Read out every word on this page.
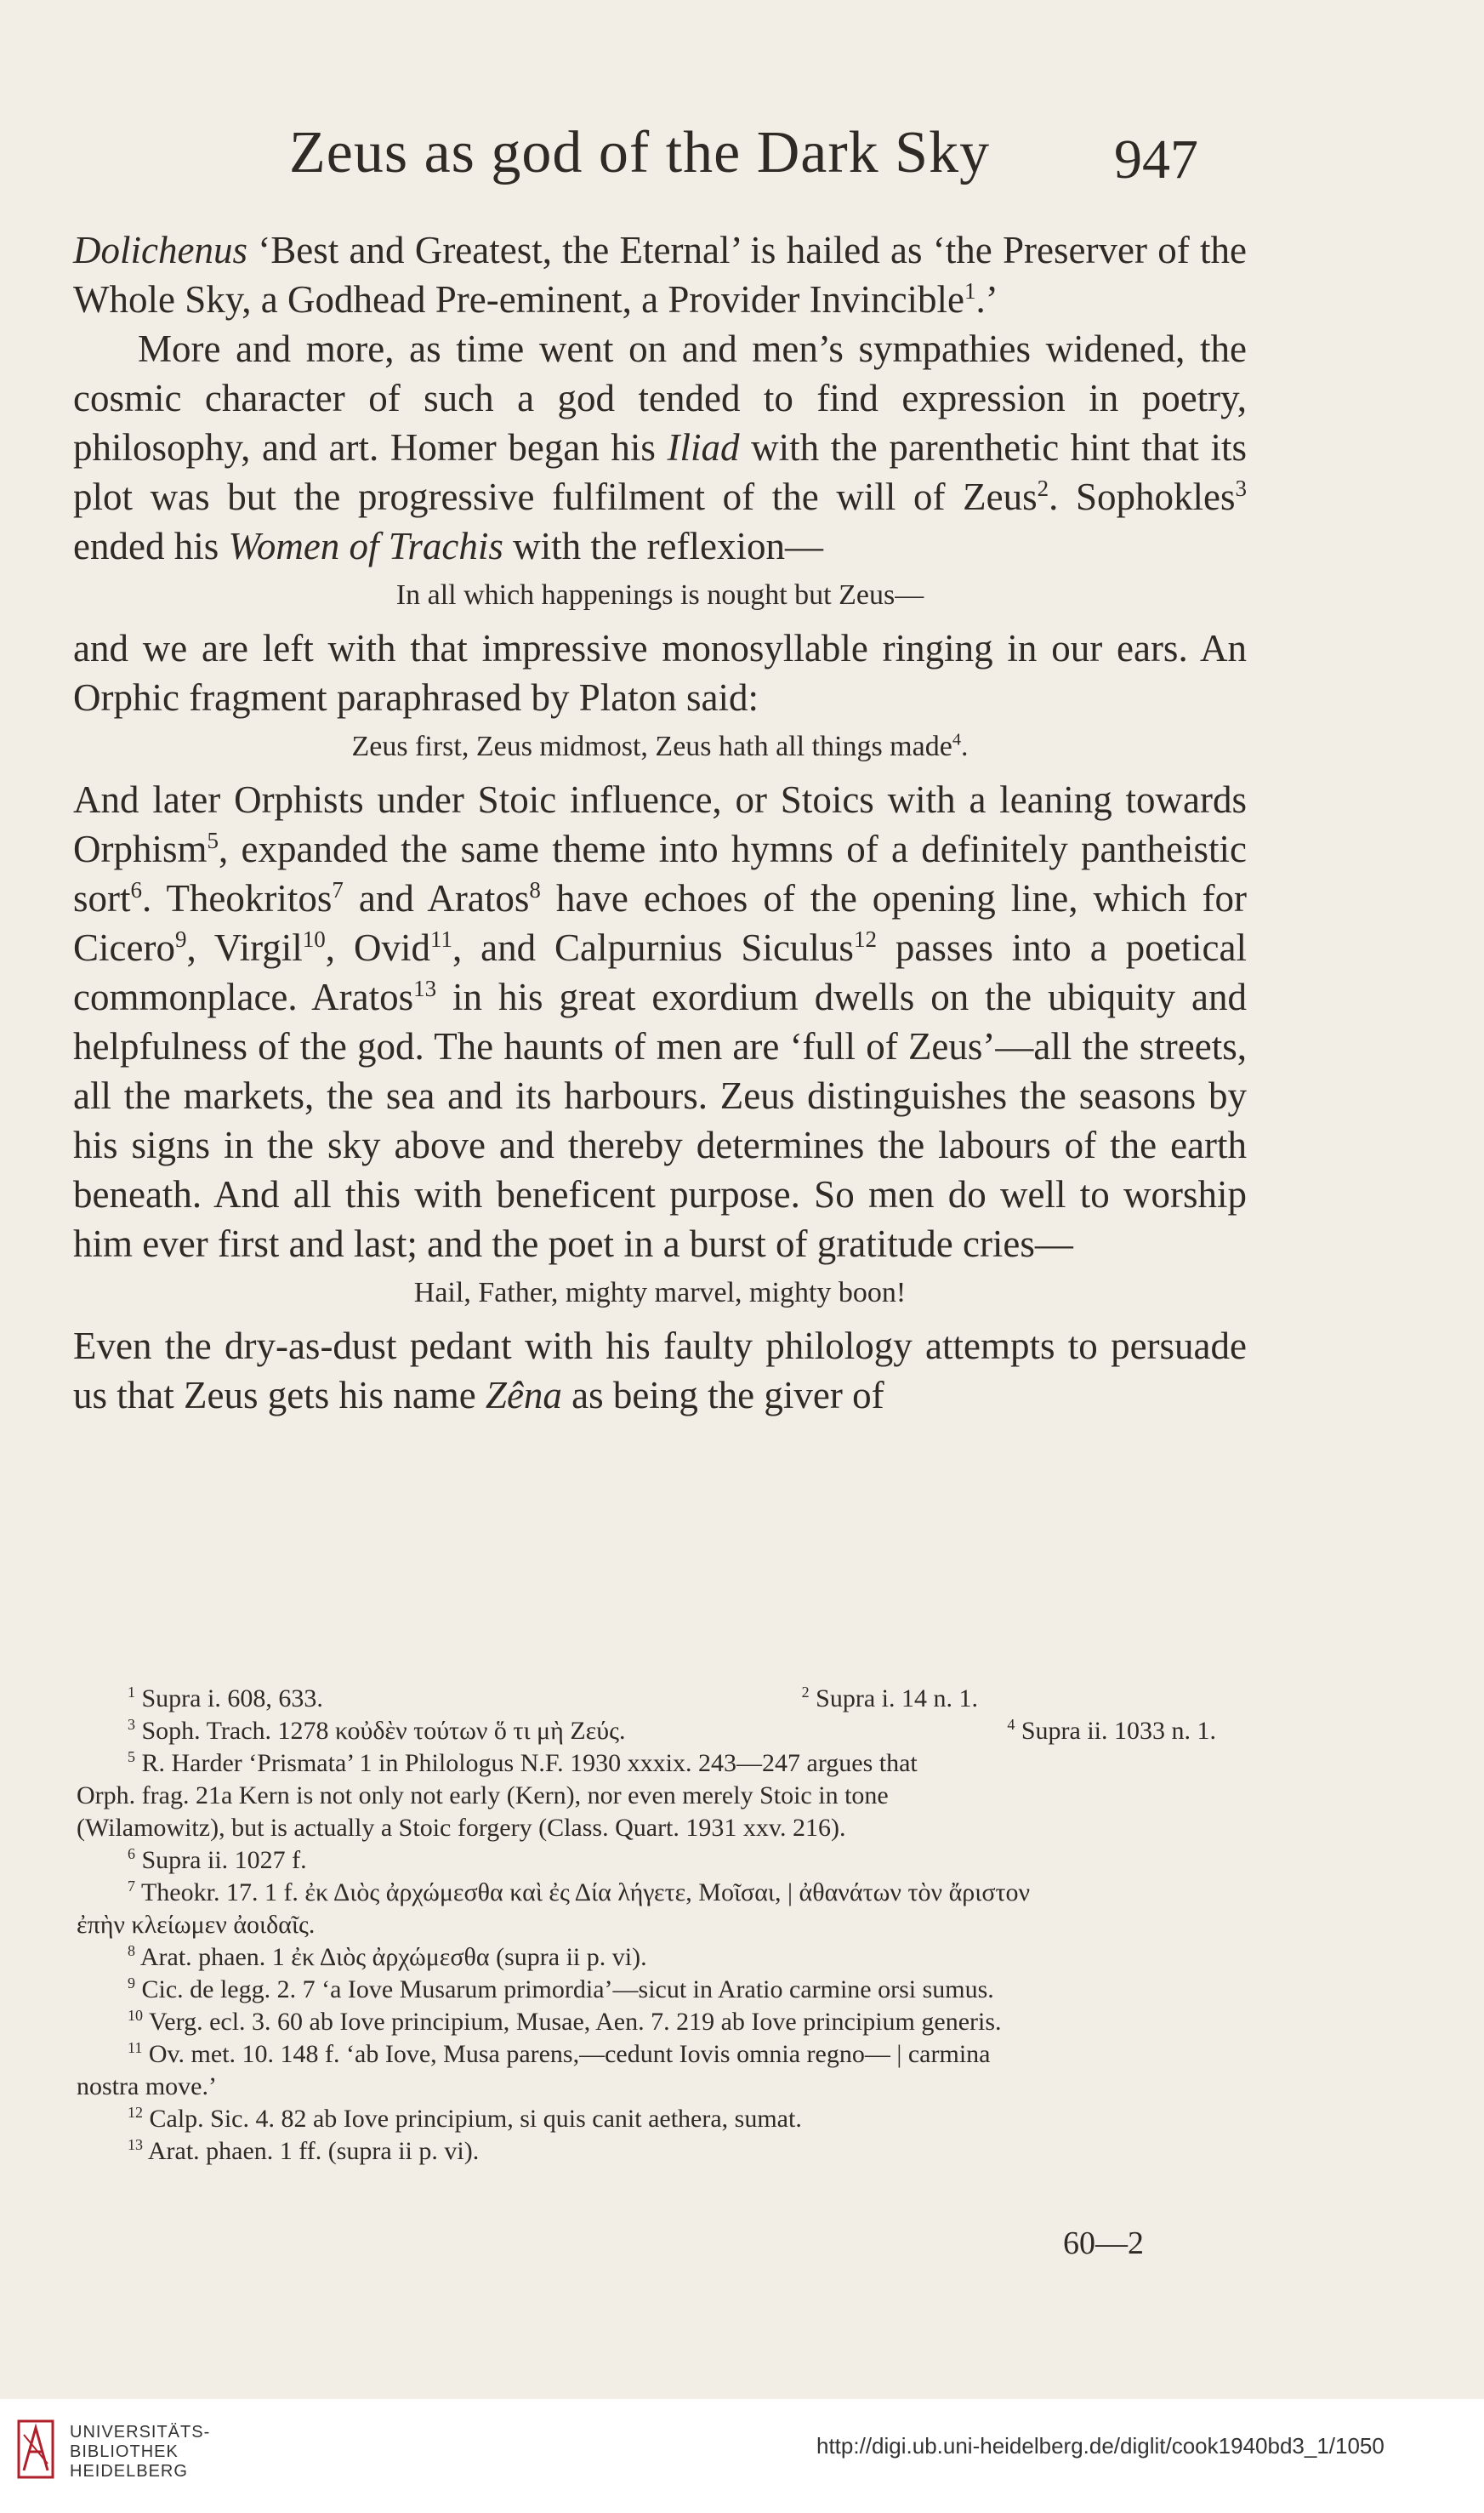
Zeus as god of the Dark Sky 947

Dolichenus ‘Best and Greatest, the Eternal’ is hailed as ‘the Preserver of the Whole Sky, a Godhead Pre-eminent, a Provider Invincible$^1$.’

More and more, as time went on and men’s sympathies widened, the cosmic character of such a god tended to find expression in poetry, philosophy, and art. Homer began his Iliad with the parenthetic hint that its plot was but the progressive fulfilment of the will of Zeus$^2$. Sophokles$^3$ ended his Women of Trachis with the reflexion—

In all which happenings is nought but Zeus—

and we are left with that impressive monosyllable ringing in our ears. An Orphic fragment paraphrased by Platon said:

Zeus first, Zeus midmost, Zeus hath all things made$^4$.

And later Orphists under Stoic influence, or Stoics with a leaning towards Orphism$^5$, expanded the same theme into hymns of a definitely pantheistic sort$^6$. Theokritos$^7$ and Aratos$^8$ have echoes of the opening line, which for Cicero$^9$, Virgil$^{10}$, Ovid$^{11}$, and Calpurnius Siculus$^{12}$ passes into a poetical commonplace. Aratos$^{13}$ in his great exordium dwells on the ubiquity and helpfulness of the god. The haunts of men are ‘full of Zeus’—all the streets, all the markets, the sea and its harbours. Zeus distinguishes the seasons by his signs in the sky above and thereby determines the labours of the earth beneath. And all this with beneficent purpose. So men do well to worship him ever first and last; and the poet in a burst of gratitude cries—

Hail, Father, mighty marvel, mighty boon!

Even the dry-as-dust pedant with his faulty philology attempts to persuade us that Zeus gets his name Zêna as being the giver of

$^1$ Supra i. 608, 633.	$^2$ Supra i. 14 n. 1.
$^3$ Soph. Trach. 1278 κοὐδὲν τούτων ὅ τι μὴ Ζεύς.	$^4$ Supra ii. 1033 n. 1.
$^5$ R. Harder ‘Prismata’ 1 in Philologus N.F. 1930 xxxix. 243—247 argues that
Orph. frag. 21a Kern is not only not early (Kern), nor even merely Stoic in tone
(Wilamowitz), but is actually a Stoic forgery (Class. Quart. 1931 xxv. 216).
$^6$ Supra ii. 1027 f.
$^7$ Theokr. 17. 1 f. ἐκ Διὸς ἀρχώμεσθα καὶ ἐς Δία λήγετε, Μοῖσαι, | ἀθανάτων τὸν ἄριστον
ἐπὴν κλείωμεν ἀοιδαῖς.
$^8$ Arat. phaen. 1 ἐκ Διὸς ἀρχώμεσθα (supra ii p. vi).
$^9$ Cic. de legg. 2. 7 ‘a Iove Musarum primordia’—sicut in Aratio carmine orsi sumus.
$^{10}$ Verg. ecl. 3. 60 ab Iove principium, Musae, Aen. 7. 219 ab Iove principium generis.
$^{11}$ Ov. met. 10. 148 f. ‘ab Iove, Musa parens,—cedunt Iovis omnia regno— | carmina
nostra move.’
$^{12}$ Calp. Sic. 4. 82 ab Iove principium, si quis canit aethera, sumat.
$^{13}$ Arat. phaen. 1 ff. (supra ii p. vi).
60—2
UNIVERSITÄTS-
BIBLIOTHEK
HEIDELBERG
http://digi.ub.uni-heidelberg.de/diglit/cook1940bd3_1/1050
